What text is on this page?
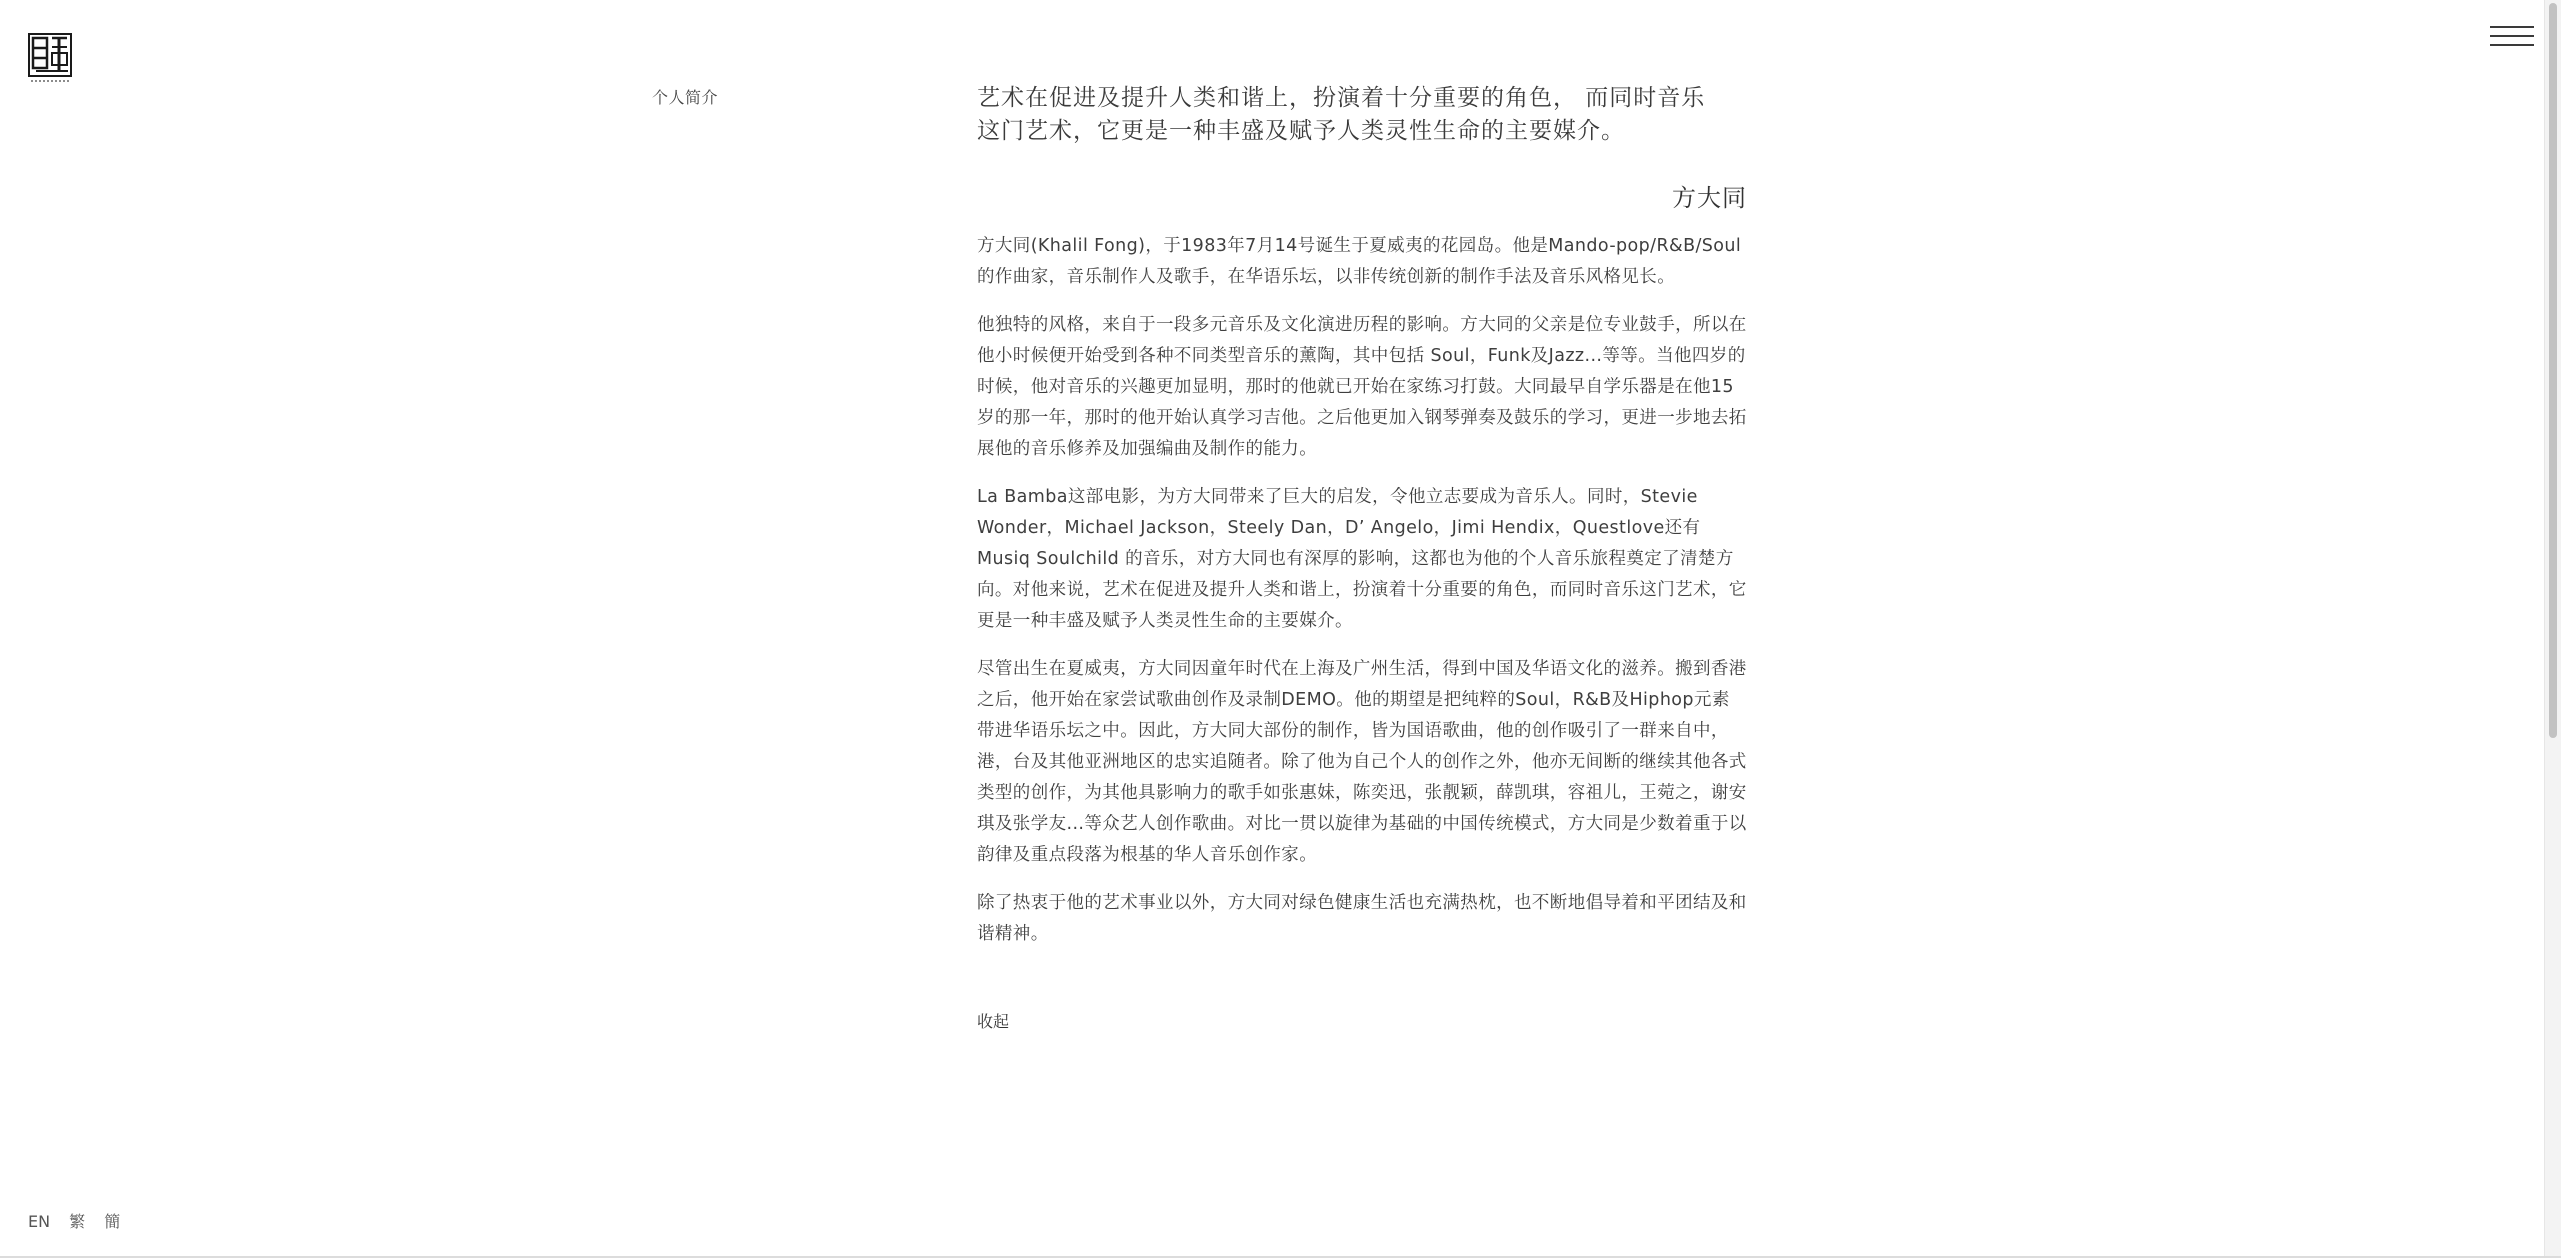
个人简介	艺术在促进及提升人类和谐上，扮演着十分重要的角色， 而同时音乐这门艺术，它更是一种丰盛及赋予人类灵性生命的主要媒介。

方大同

方大同(Khalil Fong)，于1983年7月14号诞生于夏威夷的花园岛。他是Mando-pop/R&B/Soul的作曲家，音乐制作人及歌手，在华语乐坛，以非传统创新的制作手法及音乐风格见长。

他独特的风格，来自于一段多元音乐及文化演进历程的影响。方大同的父亲是位专业鼓手，所以在他小时候便开始受到各种不同类型音乐的薰陶，其中包括 Soul，Funk及Jazz...等等。当他四岁的时候，他对音乐的兴趣更加显明，那时的他就已开始在家练习打鼓。大同最早自学乐器是在他15岁的那一年，那时的他开始认真学习吉他。之后他更加入钢琴弹奏及鼓乐的学习，更进一步地去拓展他的音乐修养及加强编曲及制作的能力。

La Bamba这部电影，为方大同带来了巨大的启发，令他立志要成为音乐人。同时，Stevie Wonder，Michael Jackson，Steely Dan，D’ Angelo，Jimi Hendix，Questlove还有Musiq Soulchild 的音乐，对方大同也有深厚的影响，这都也为他的个人音乐旅程奠定了清楚方向。对他来说，艺术在促进及提升人类和谐上，扮演着十分重要的角色，而同时音乐这门艺术，它更是一种丰盛及赋予人类灵性生命的主要媒介。

尽管出生在夏威夷，方大同因童年时代在上海及广州生活，得到中国及华语文化的滋养。搬到香港之后，他开始在家尝试歌曲创作及录制DEMO。他的期望是把纯粹的Soul，R&B及Hiphop元素带进华语乐坛之中。因此，方大同大部份的制作，皆为国语歌曲，他的创作吸引了一群来自中，港，台及其他亚洲地区的忠实追随者。除了他为自己个人的创作之外，他亦无间断的继续其他各式类型的创作，为其他具影响力的歌手如张惠妹，陈奕迅，张靓颖，薛凯琪，容祖儿，王菀之，谢安琪及张学友...等众艺人创作歌曲。对比一贯以旋律为基础的中国传统模式，方大同是少数着重于以韵律及重点段落为根基的华人音乐创作家。

除了热衷于他的艺术事业以外，方大同对绿色健康生活也充满热枕，也不断地倡导着和平团结及和谐精神。

收起
EN 繁 簡
